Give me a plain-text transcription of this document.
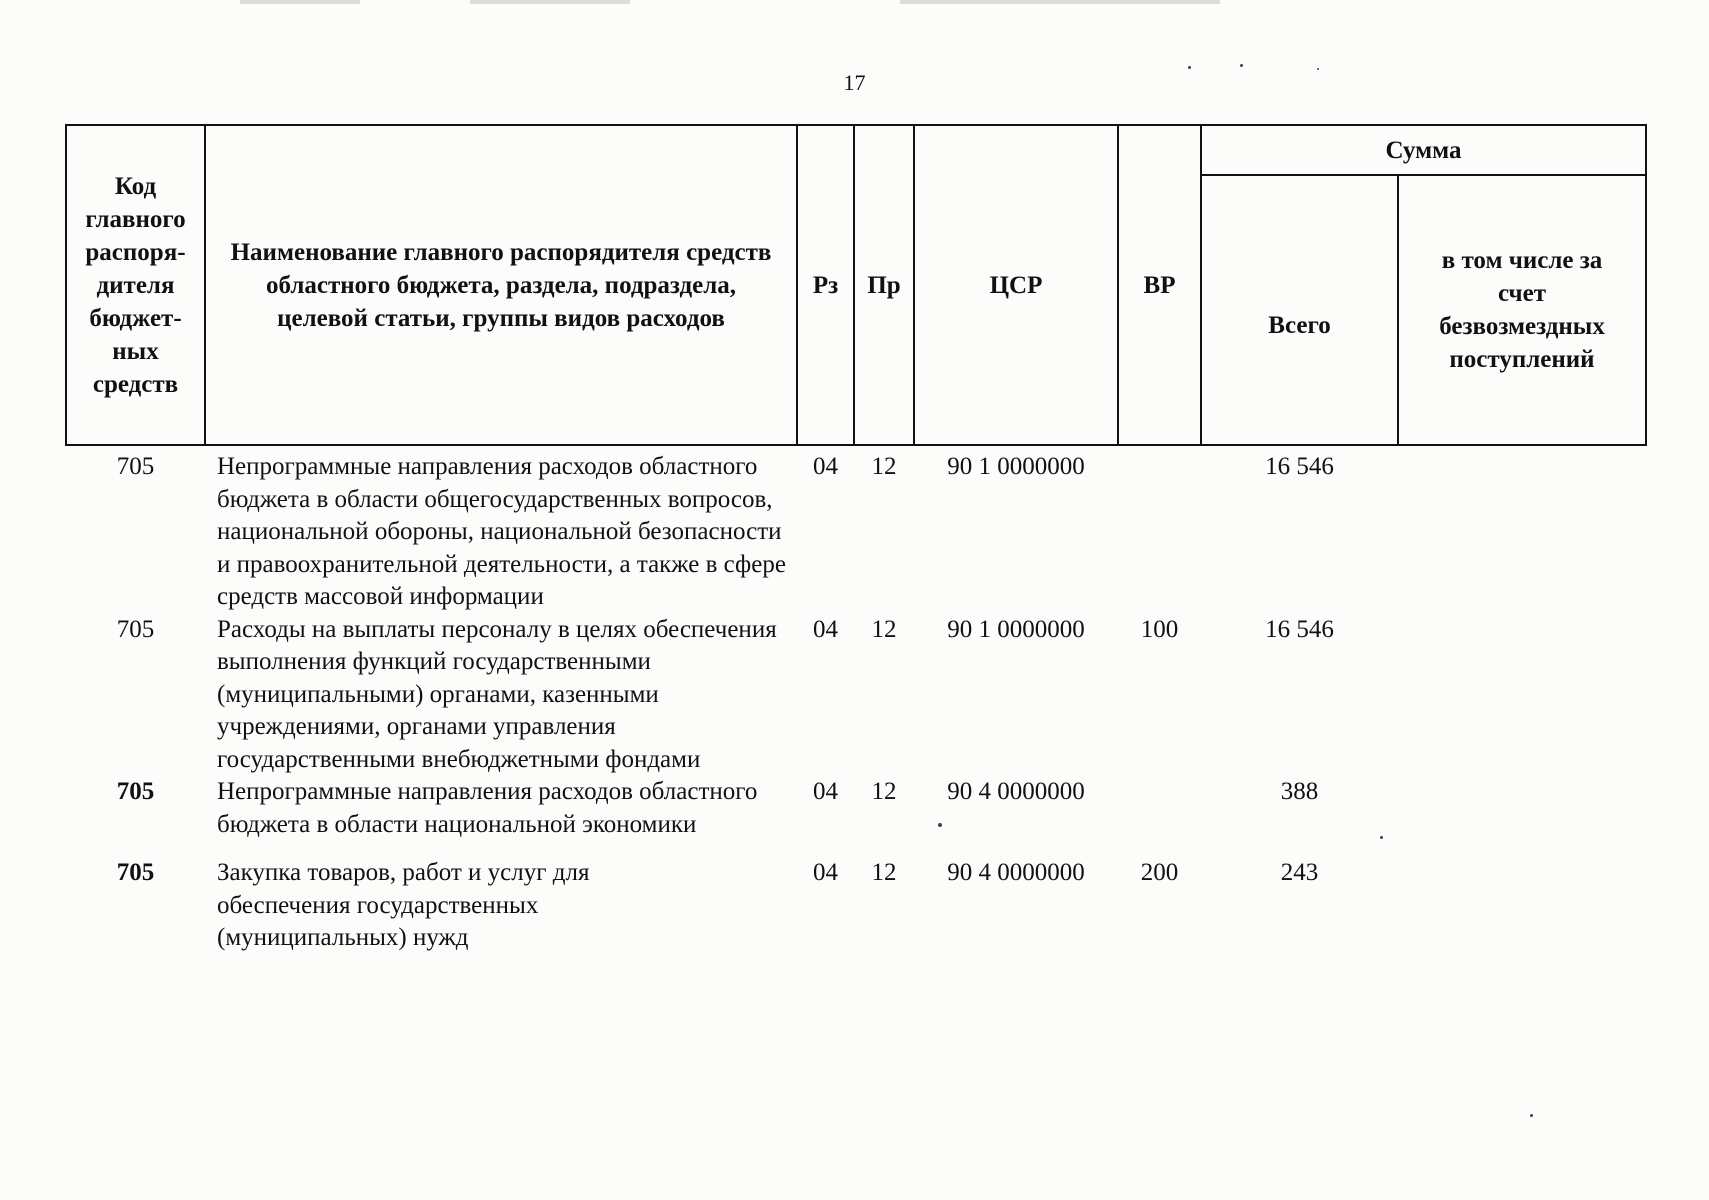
17
Код главного распоря-дителя бюджет-ных средств	Наименование главного распорядителя средств областного бюджета, раздела, подраздела, целевой статьи, группы видов расходов	Рз	Пр	ЦСР	ВР	Сумма	

						Всего	в том числе за счет безвозмездных поступлений

705	Непрограммные направления расходов областного бюджета в области общегосударственных вопросов, национальной обороны, национальной безопасности и правоохранительной деятельности, а также в сфере средств массовой информации	04	12	90 1 0000000		16 546	
705	Расходы на выплаты персоналу в целях обеспечения выполнения функций государственными (муниципальными) органами, казенными учреждениями, органами управления государственными внебюджетными фондами	04	12	90 1 0000000	100	16 546	
705	Непрограммные направления расходов областного бюджета в области национальной экономики	04	12	90 4 0000000		388	
705	Закупка товаров, работ и услуг для обеспечения государственных (муниципальных) нужд	04	12	90 4 0000000	200	243	
